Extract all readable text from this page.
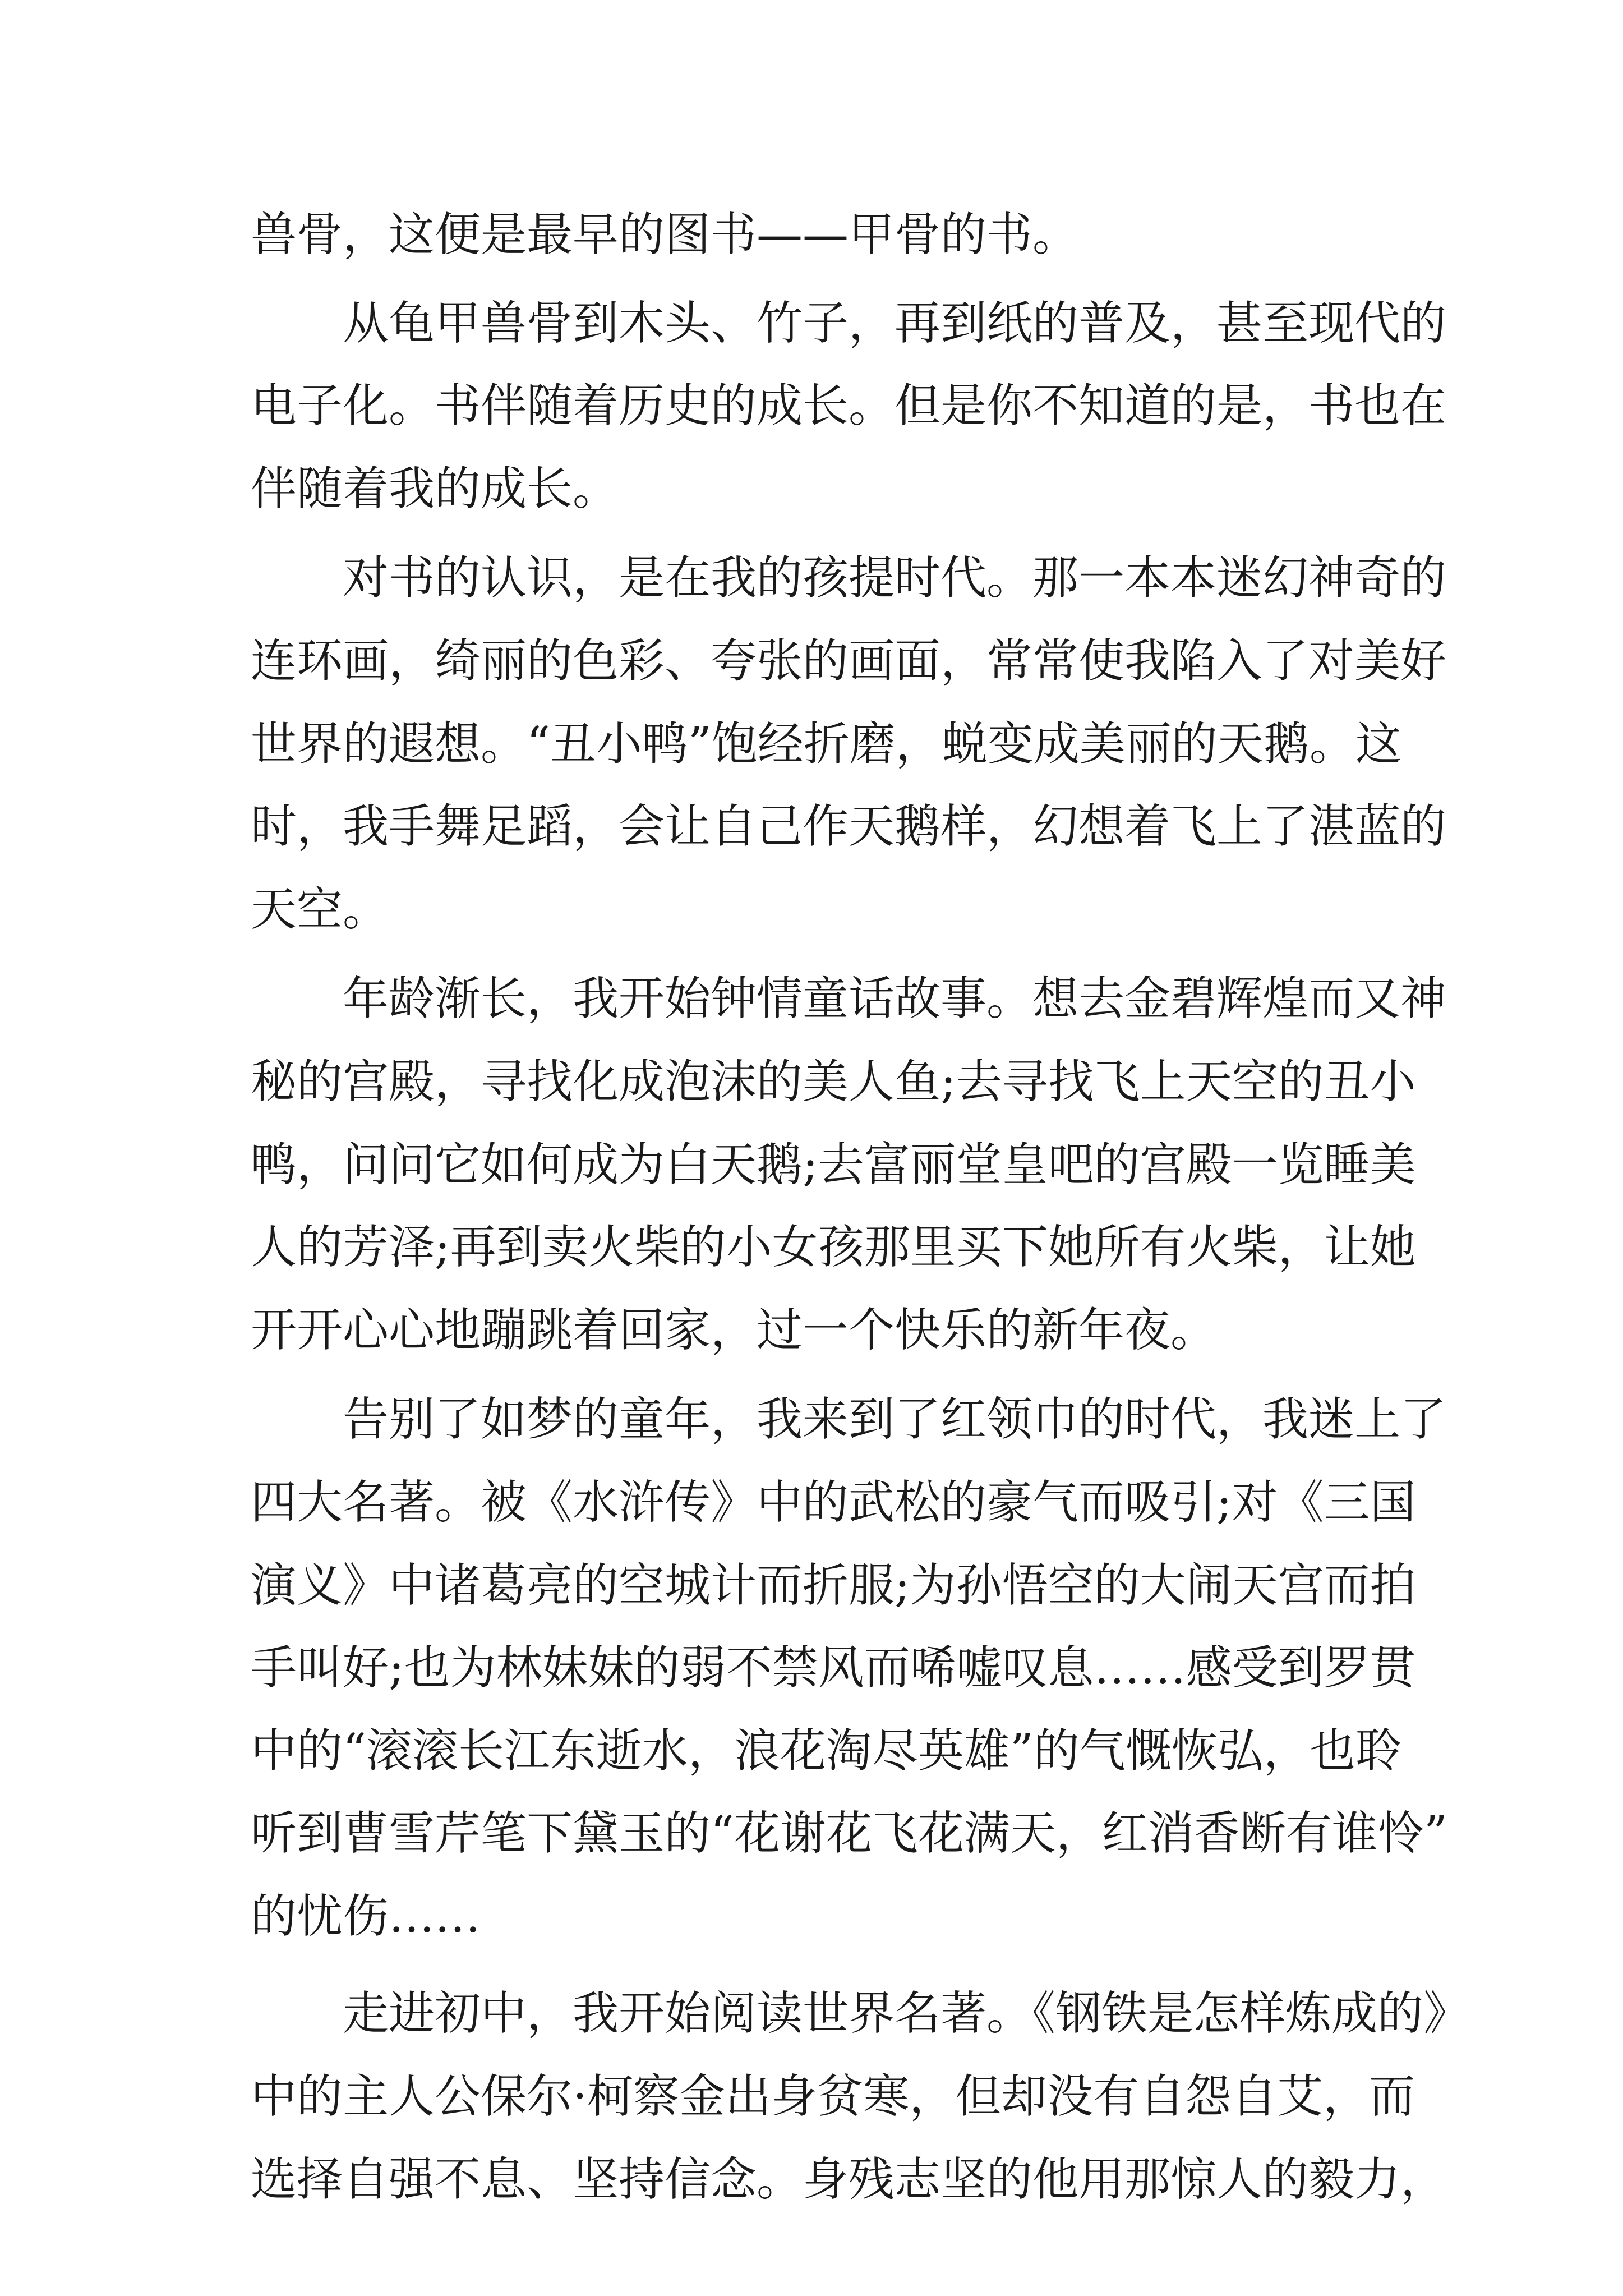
兽骨，这便是最早的图书——甲骨的书。
从龟甲兽骨到木头、竹子，再到纸的普及，甚至现代的
电子化。书伴随着历史的成长。但是你不知道的是，书也在
伴随着我的成长。
对书的认识，是在我的孩提时代。那一本本迷幻神奇的
连环画，绮丽的色彩、夸张的画面，常常使我陷入了对美好
世界的遐想。“丑小鸭”饱经折磨，蜕变成美丽的天鹅。这
时，我手舞足蹈，会让自己作天鹅样，幻想着飞上了湛蓝的
天空。
年龄渐长，我开始钟情童话故事。想去金碧辉煌而又神
秘的宫殿，寻找化成泡沫的美人鱼;去寻找飞上天空的丑小
鸭，问问它如何成为白天鹅;去富丽堂皇吧的宫殿一览睡美
人的芳泽;再到卖火柴的小女孩那里买下她所有火柴，让她
开开心心地蹦跳着回家，过一个快乐的新年夜。
告别了如梦的童年，我来到了红领巾的时代，我迷上了
四大名著。被《水浒传》中的武松的豪气而吸引;对《三国
演义》中诸葛亮的空城计而折服;为孙悟空的大闹天宫而拍
手叫好;也为林妹妹的弱不禁风而唏嘘叹息……感受到罗贯
中的“滚滚长江东逝水，浪花淘尽英雄”的气慨恢弘，也聆
听到曹雪芹笔下黛玉的“花谢花飞花满天，红消香断有谁怜”
的忧伤……
走进初中，我开始阅读世界名著。《钢铁是怎样炼成的》
中的主人公保尔·柯察金出身贫寒，但却没有自怨自艾，而
选择自强不息、坚持信念。身残志坚的他用那惊人的毅力，
